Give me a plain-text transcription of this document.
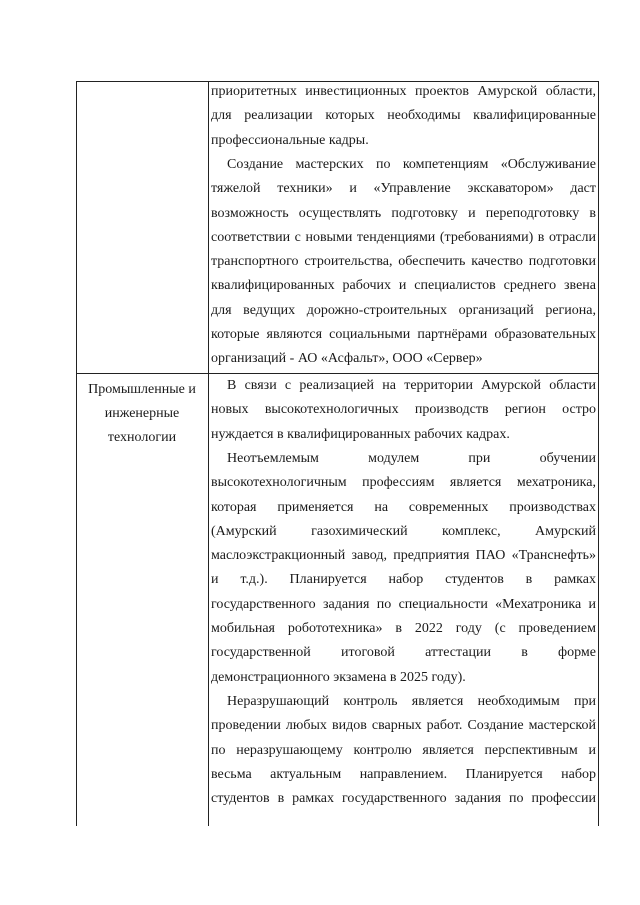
Промышленные и
инженерные
технологии
приоритетных инвестиционных проектов Амурской области,
для реализации которых необходимы квалифицированные
профессиональные кадры.
Создание мастерских по компетенциям «Обслуживание
тяжелой техники» и «Управление экскаватором» даст
возможность осуществлять подготовку и переподготовку в
соответствии с новыми тенденциями (требованиями) в отрасли
транспортного строительства, обеспечить качество подготовки
квалифицированных рабочих и специалистов среднего звена
для ведущих дорожно-строительных организаций региона,
которые являются социальными партнёрами образовательных
организаций - АО «Асфальт», ООО «Сервер»
В связи с реализацией на территории Амурской области
новых высокотехнологичных производств регион остро
нуждается в квалифицированных рабочих кадрах.
Неотъемлемым модулем при обучении
высокотехнологичным профессиям является мехатроника,
которая применяется на современных производствах
(Амурский газохимический комплекс, Амурский
маслоэкстракционный завод, предприятия ПАО «Транснефть»
и т.д.). Планируется набор студентов в рамках
государственного задания по специальности «Мехатроника и
мобильная робототехника» в 2022 году (с проведением
государственной итоговой аттестации в форме
демонстрационного экзамена в 2025 году).
Неразрушающий контроль является необходимым при
проведении любых видов сварных работ. Создание мастерской
по неразрушающему контролю является перспективным и
весьма актуальным направлением. Планируется набор
студентов в рамках государственного задания по профессии
